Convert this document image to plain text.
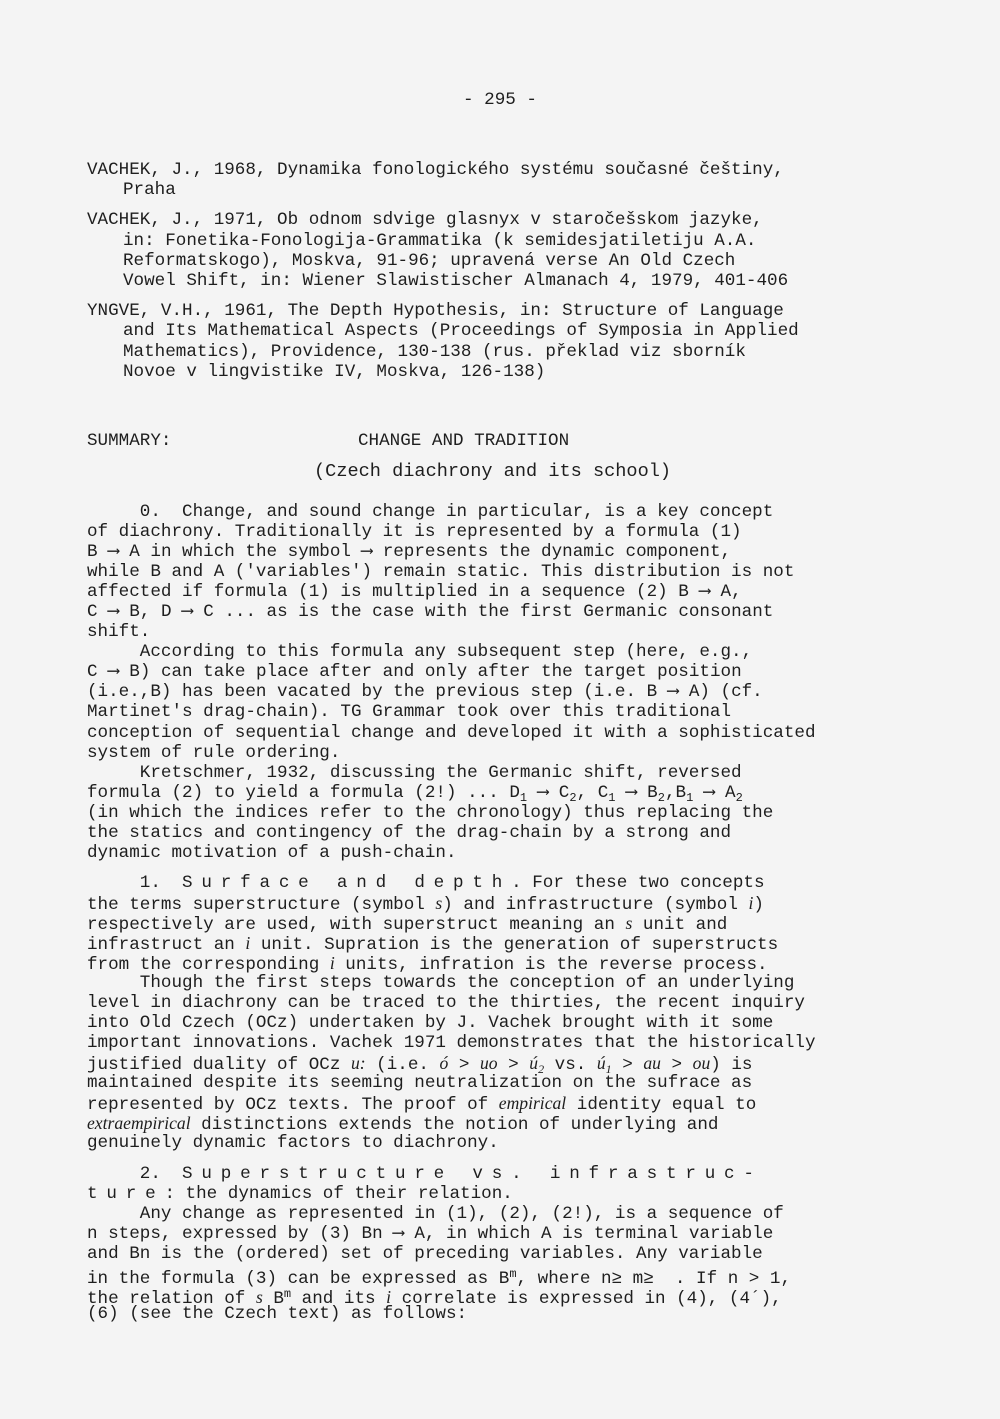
- 295 -
VACHEK, J., 1968, Dynamika fonologického systému současné češtiny,
Praha
VACHEK, J., 1971, Ob odnom sdvige glasnyx v staročešskom jazyke,
in: Fonetika-Fonologija-Grammatika (k semidesjatiletiju A.A.
Reformatskogo), Moskva, 91-96; upravená verse An Old Czech
Vowel Shift, in: Wiener Slawistischer Almanach 4, 1979, 401-406
YNGVE, V.H., 1961, The Depth Hypothesis, in: Structure of Language
and Its Mathematical Aspects (Proceedings of Symposia in Applied
Mathematics), Providence, 130-138 (rus. překlad viz sborník
Novoe v lingvistike IV, Moskva, 126-138)
SUMMARY:	CHANGE AND TRADITION
(Czech diachrony and its school)
0.  Change, and sound change in particular, is a key concept
of diachrony. Traditionally it is represented by a formula (1)
B ⟶ A in which the symbol ⟶ represents the dynamic component,
while B and A ('variables') remain static. This distribution is not
affected if formula (1) is multiplied in a sequence (2) B ⟶ A,
C ⟶ B, D ⟶ C ... as is the case with the first Germanic consonant
shift.
According to this formula any subsequent step (here, e.g.,
C ⟶ B) can take place after and only after the target position
(i.e.,B) has been vacated by the previous step (i.e. B ⟶ A) (cf.
Martinet's drag-chain). TG Grammar took over this traditional
conception of sequential change and developed it with a sophisticated
system of rule ordering.
Kretschmer, 1932, discussing the Germanic shift, reversed
formula (2) to yield a formula (2!) ... $D_1$ ⟶ $C_2$, $C_1$ ⟶ $B_2,B_1$ ⟶ $A_2$
(in which the indices refer to the chronology) thus replacing the
the statics and contingency of the drag-chain by a strong and
dynamic motivation of a push-chain.
1.  Surface and depth. For these two concepts
the terms superstructure (symbol s) and infrastructure (symbol i)
respectively are used, with superstruct meaning an s unit and
infrastruct an i unit. Supration is the generation of superstructs
from the corresponding i units, infration is the reverse process.
Though the first steps towards the conception of an underlying
level in diachrony can be traced to the thirties, the recent inquiry
into Old Czech (OCz) undertaken by J. Vachek brought with it some
important innovations. Vachek 1971 demonstrates that the historically
justified duality of OCz u: (i.e. ó > uo > $ú_2$ vs. $ú_1$ > au > ou) is
maintained despite its seeming neutralization on the sufrace as
represented by OCz texts. The proof of empirical identity equal to
extraempirical distinctions extends the notion of underlying and
genuinely dynamic factors to diachrony.
2.  Superstructure vs. infrastruc-
ture: the dynamics of their relation.
Any change as represented in (1), (2), (2!), is a sequence of
n steps, expressed by (3) Bn ⟶ A, in which A is terminal variable
and Bn is the (ordered) set of preceding variables. Any variable
in the formula (3) can be expressed as $B^m$, where n≥ m≥  . If n > 1,
the relation of s $B^m$ and its i correlate is expressed in (4), (4´),
(6) (see the Czech text) as follows:
